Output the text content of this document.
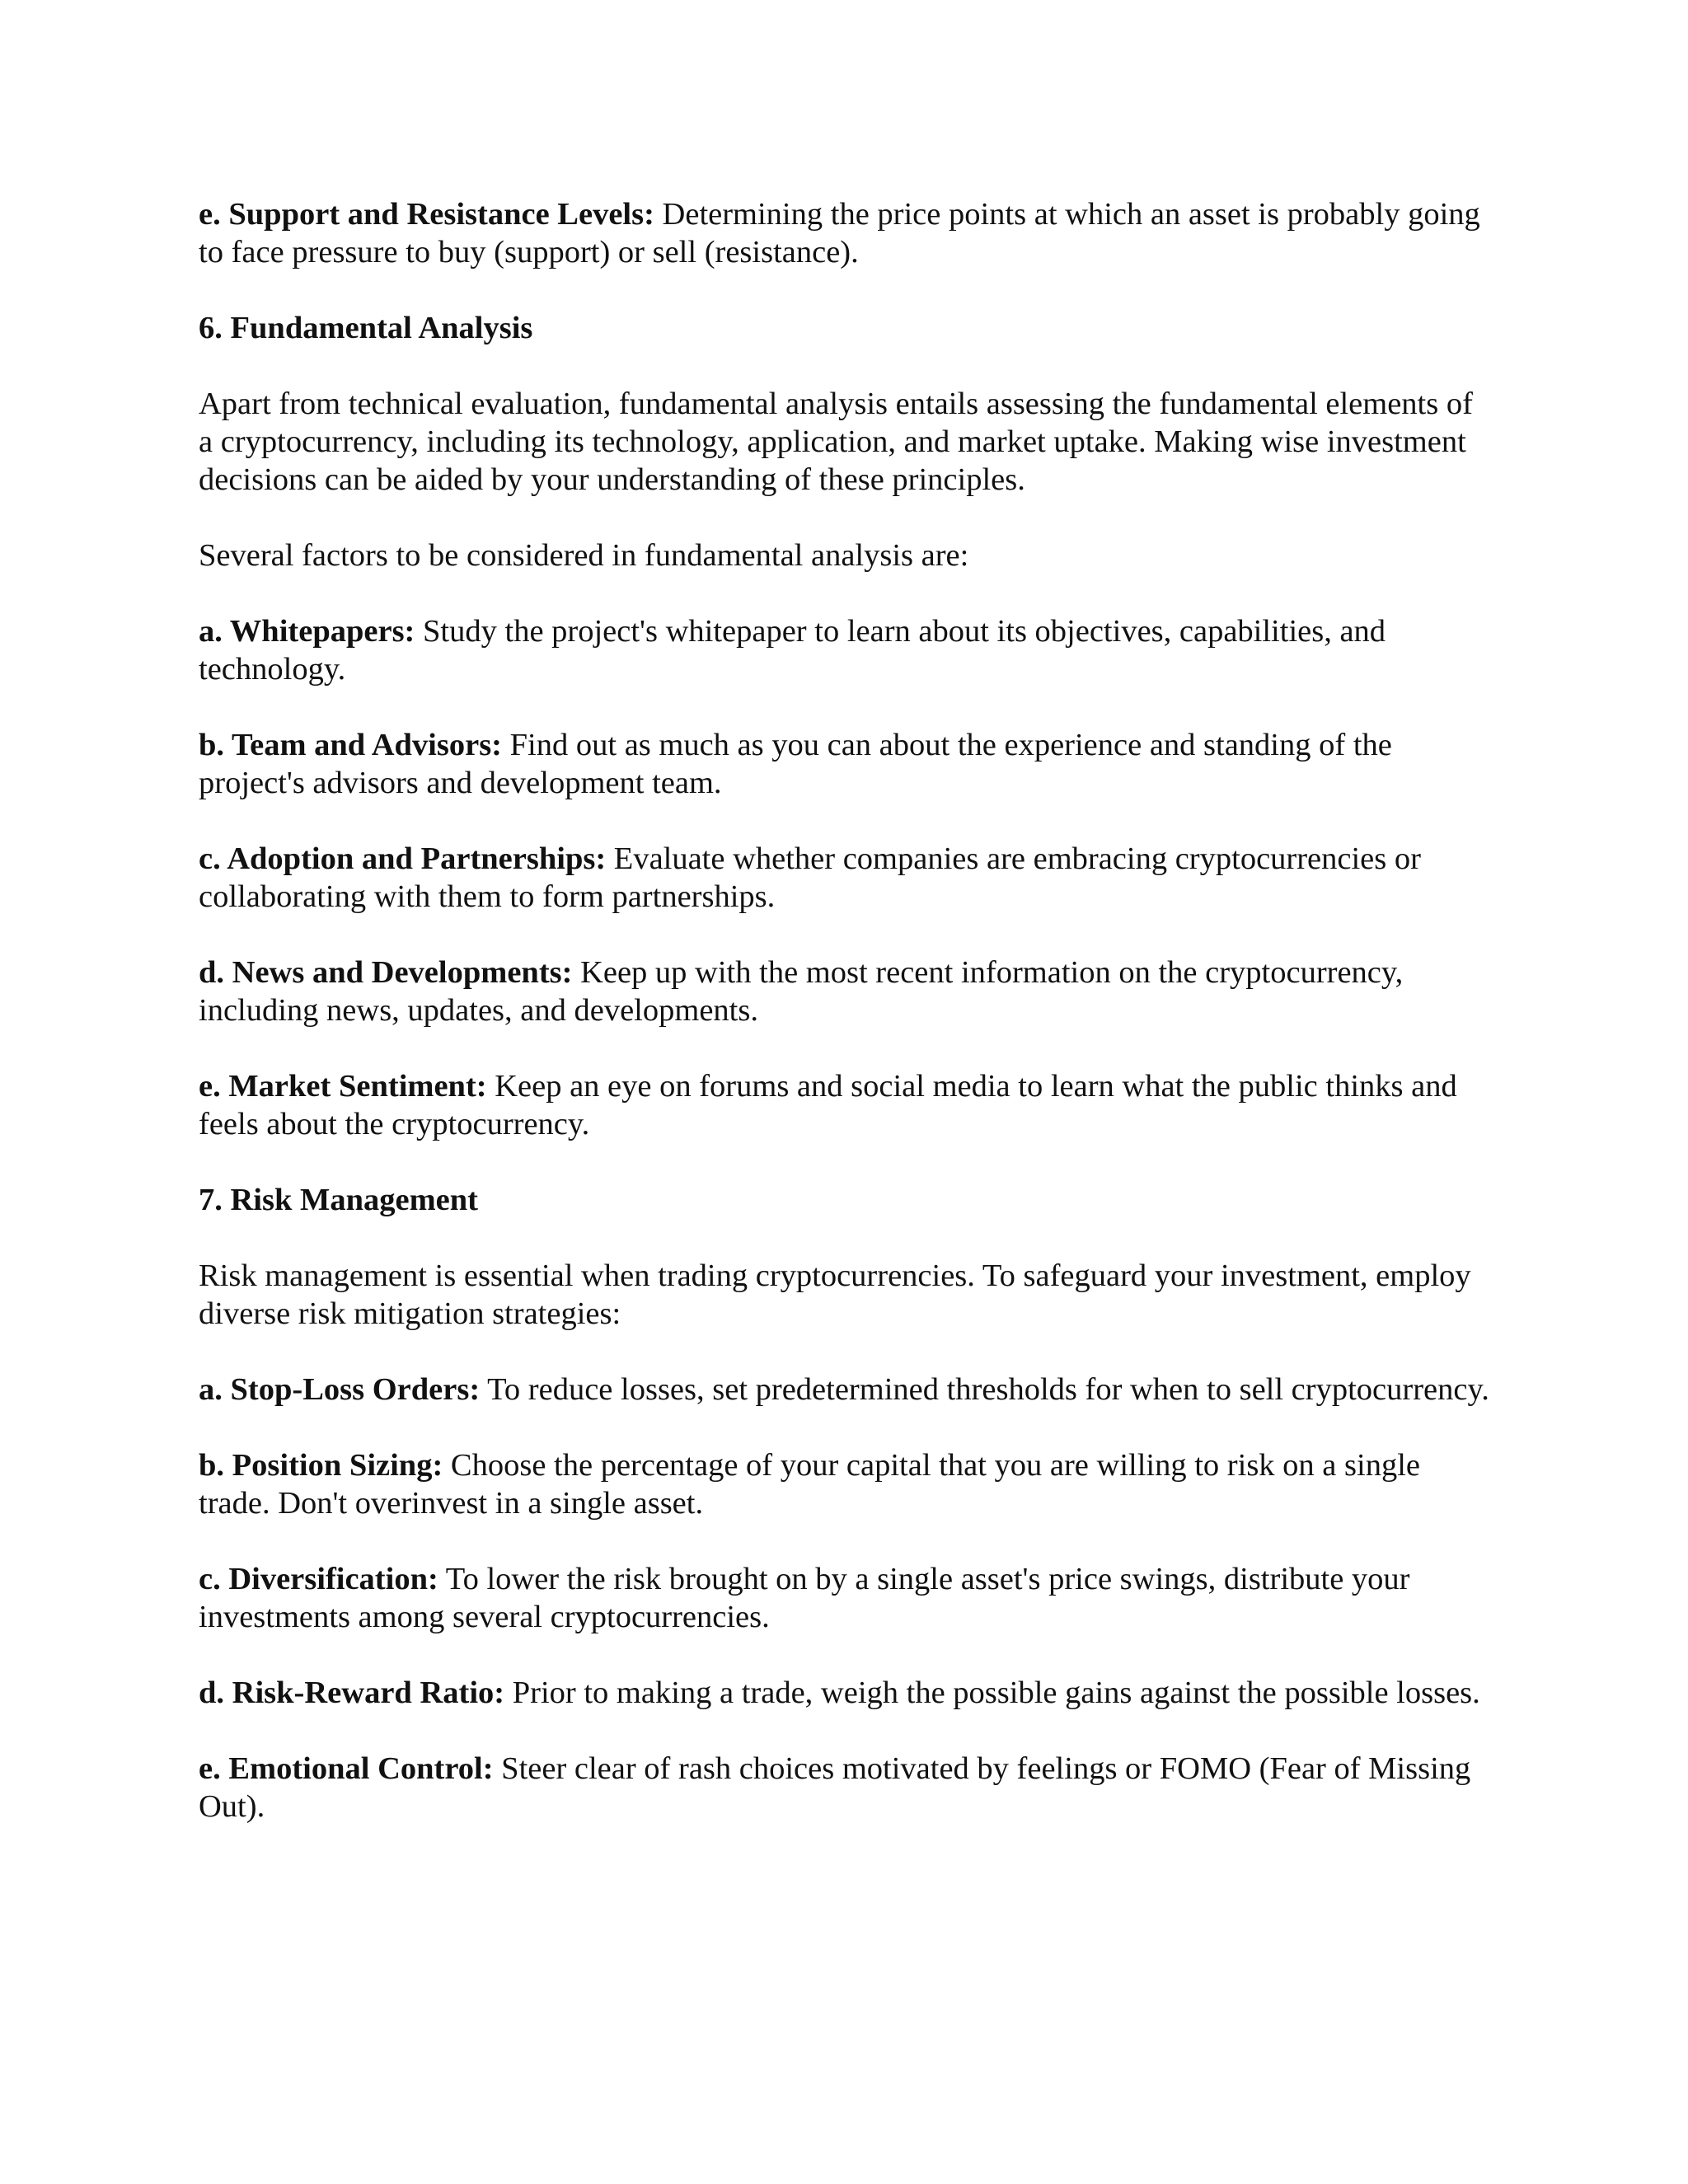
e. Support and Resistance Levels: Determining the price points at which an asset is probably going to face pressure to buy (support) or sell (resistance).

6. Fundamental Analysis

Apart from technical evaluation, fundamental analysis entails assessing the fundamental elements of a cryptocurrency, including its technology, application, and market uptake. Making wise investment decisions can be aided by your understanding of these principles.

Several factors to be considered in fundamental analysis are:

a. Whitepapers: Study the project's whitepaper to learn about its objectives, capabilities, and technology.

b. Team and Advisors: Find out as much as you can about the experience and standing of the project's advisors and development team.

c. Adoption and Partnerships: Evaluate whether companies are embracing cryptocurrencies or collaborating with them to form partnerships.

d. News and Developments: Keep up with the most recent information on the cryptocurrency, including news, updates, and developments.

e. Market Sentiment: Keep an eye on forums and social media to learn what the public thinks and feels about the cryptocurrency.

7. Risk Management

Risk management is essential when trading cryptocurrencies. To safeguard your investment, employ diverse risk mitigation strategies:

a. Stop-Loss Orders: To reduce losses, set predetermined thresholds for when to sell cryptocurrency.

b. Position Sizing: Choose the percentage of your capital that you are willing to risk on a single trade. Don't overinvest in a single asset.

c. Diversification: To lower the risk brought on by a single asset's price swings, distribute your investments among several cryptocurrencies.

d. Risk-Reward Ratio: Prior to making a trade, weigh the possible gains against the possible losses.

e. Emotional Control: Steer clear of rash choices motivated by feelings or FOMO (Fear of Missing Out).
